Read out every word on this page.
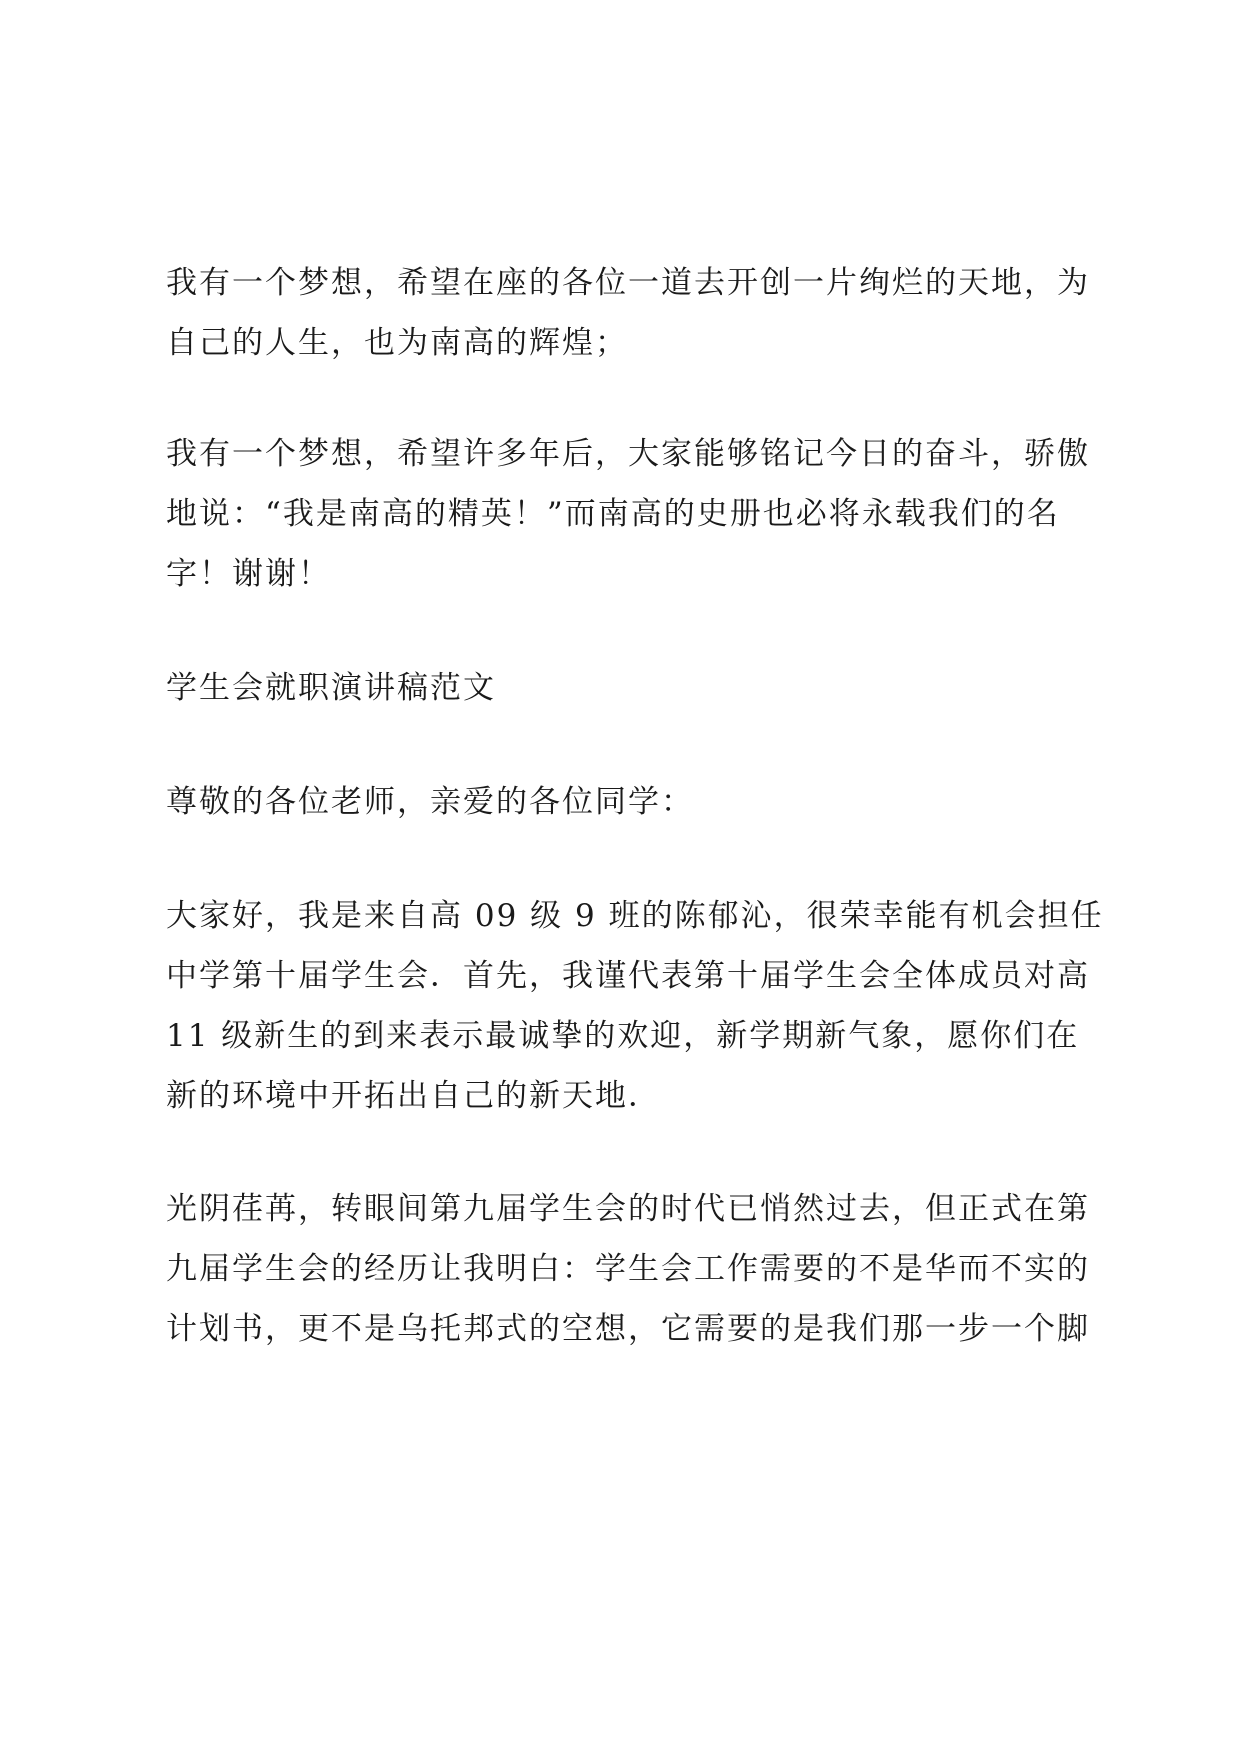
我有一个梦想，希望在座的各位一道去开创一片绚烂的天地，为
自己的人生，也为南高的辉煌；
我有一个梦想，希望许多年后，大家能够铭记今日的奋斗，骄傲
地说：“我是南高的精英！”而南高的史册也必将永载我们的名
字！谢谢！
学生会就职演讲稿范文
尊敬的各位老师，亲爱的各位同学：
大家好，我是来自高 09 级 9 班的陈郁沁，很荣幸能有机会担任
中学第十届学生会．首先，我谨代表第十届学生会全体成员对高
11 级新生的到来表示最诚挚的欢迎，新学期新气象，愿你们在
新的环境中开拓出自己的新天地．
光阴荏苒，转眼间第九届学生会的时代已悄然过去，但正式在第
九届学生会的经历让我明白：学生会工作需要的不是华而不实的
计划书，更不是乌托邦式的空想，它需要的是我们那一步一个脚
